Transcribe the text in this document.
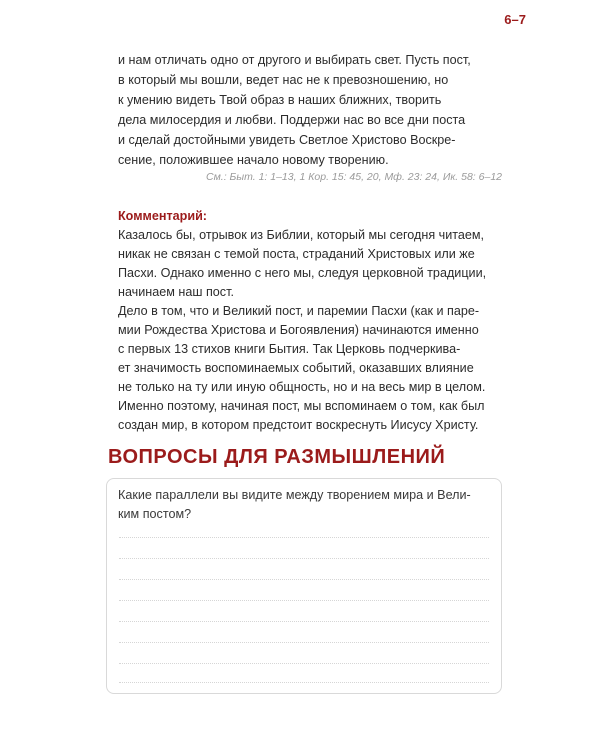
6–7

и нам отличать одно от другого и выбирать свет. Пусть пост,

в который мы вошли, ведет нас не к превозношению, но

к умению видеть Твой образ в наших ближних, творить

дела милосердия и любви. Поддержи нас во все дни поста

и сделай достойными увидеть Светлое Христово Воскре-

сение, положившее начало новому творению.

См.: Быт. 1: 1–13, 1 Кор. 15: 45, 20, Мф. 23: 24, Ик. 58: 6–12

Комментарий:

Казалось бы, отрывок из Библии, который мы сегодня читаем,

никак не связан с темой поста, страданий Христовых или же

Пасхи. Однако именно с него мы, следуя церковной традиции,

начинаем наш пост.

Дело в том, что и Великий пост, и паремии Пасхи (как и паре-

мии Рождества Христова и Богоявления) начинаются именно

с первых 13 стихов книги Бытия. Так Церковь подчеркива-

ет значимость воспоминаемых событий, оказавших влияние

не только на ту или иную общность, но и на весь мир в целом.

Именно поэтому, начиная пост, мы вспоминаем о том, как был

создан мир, в котором предстоит воскреснуть Иисусу Христу.

ВОПРОСЫ ДЛЯ РАЗМЫШЛЕНИЙ
Какие параллели вы видите между творением мира и Вели-
ким постом?
